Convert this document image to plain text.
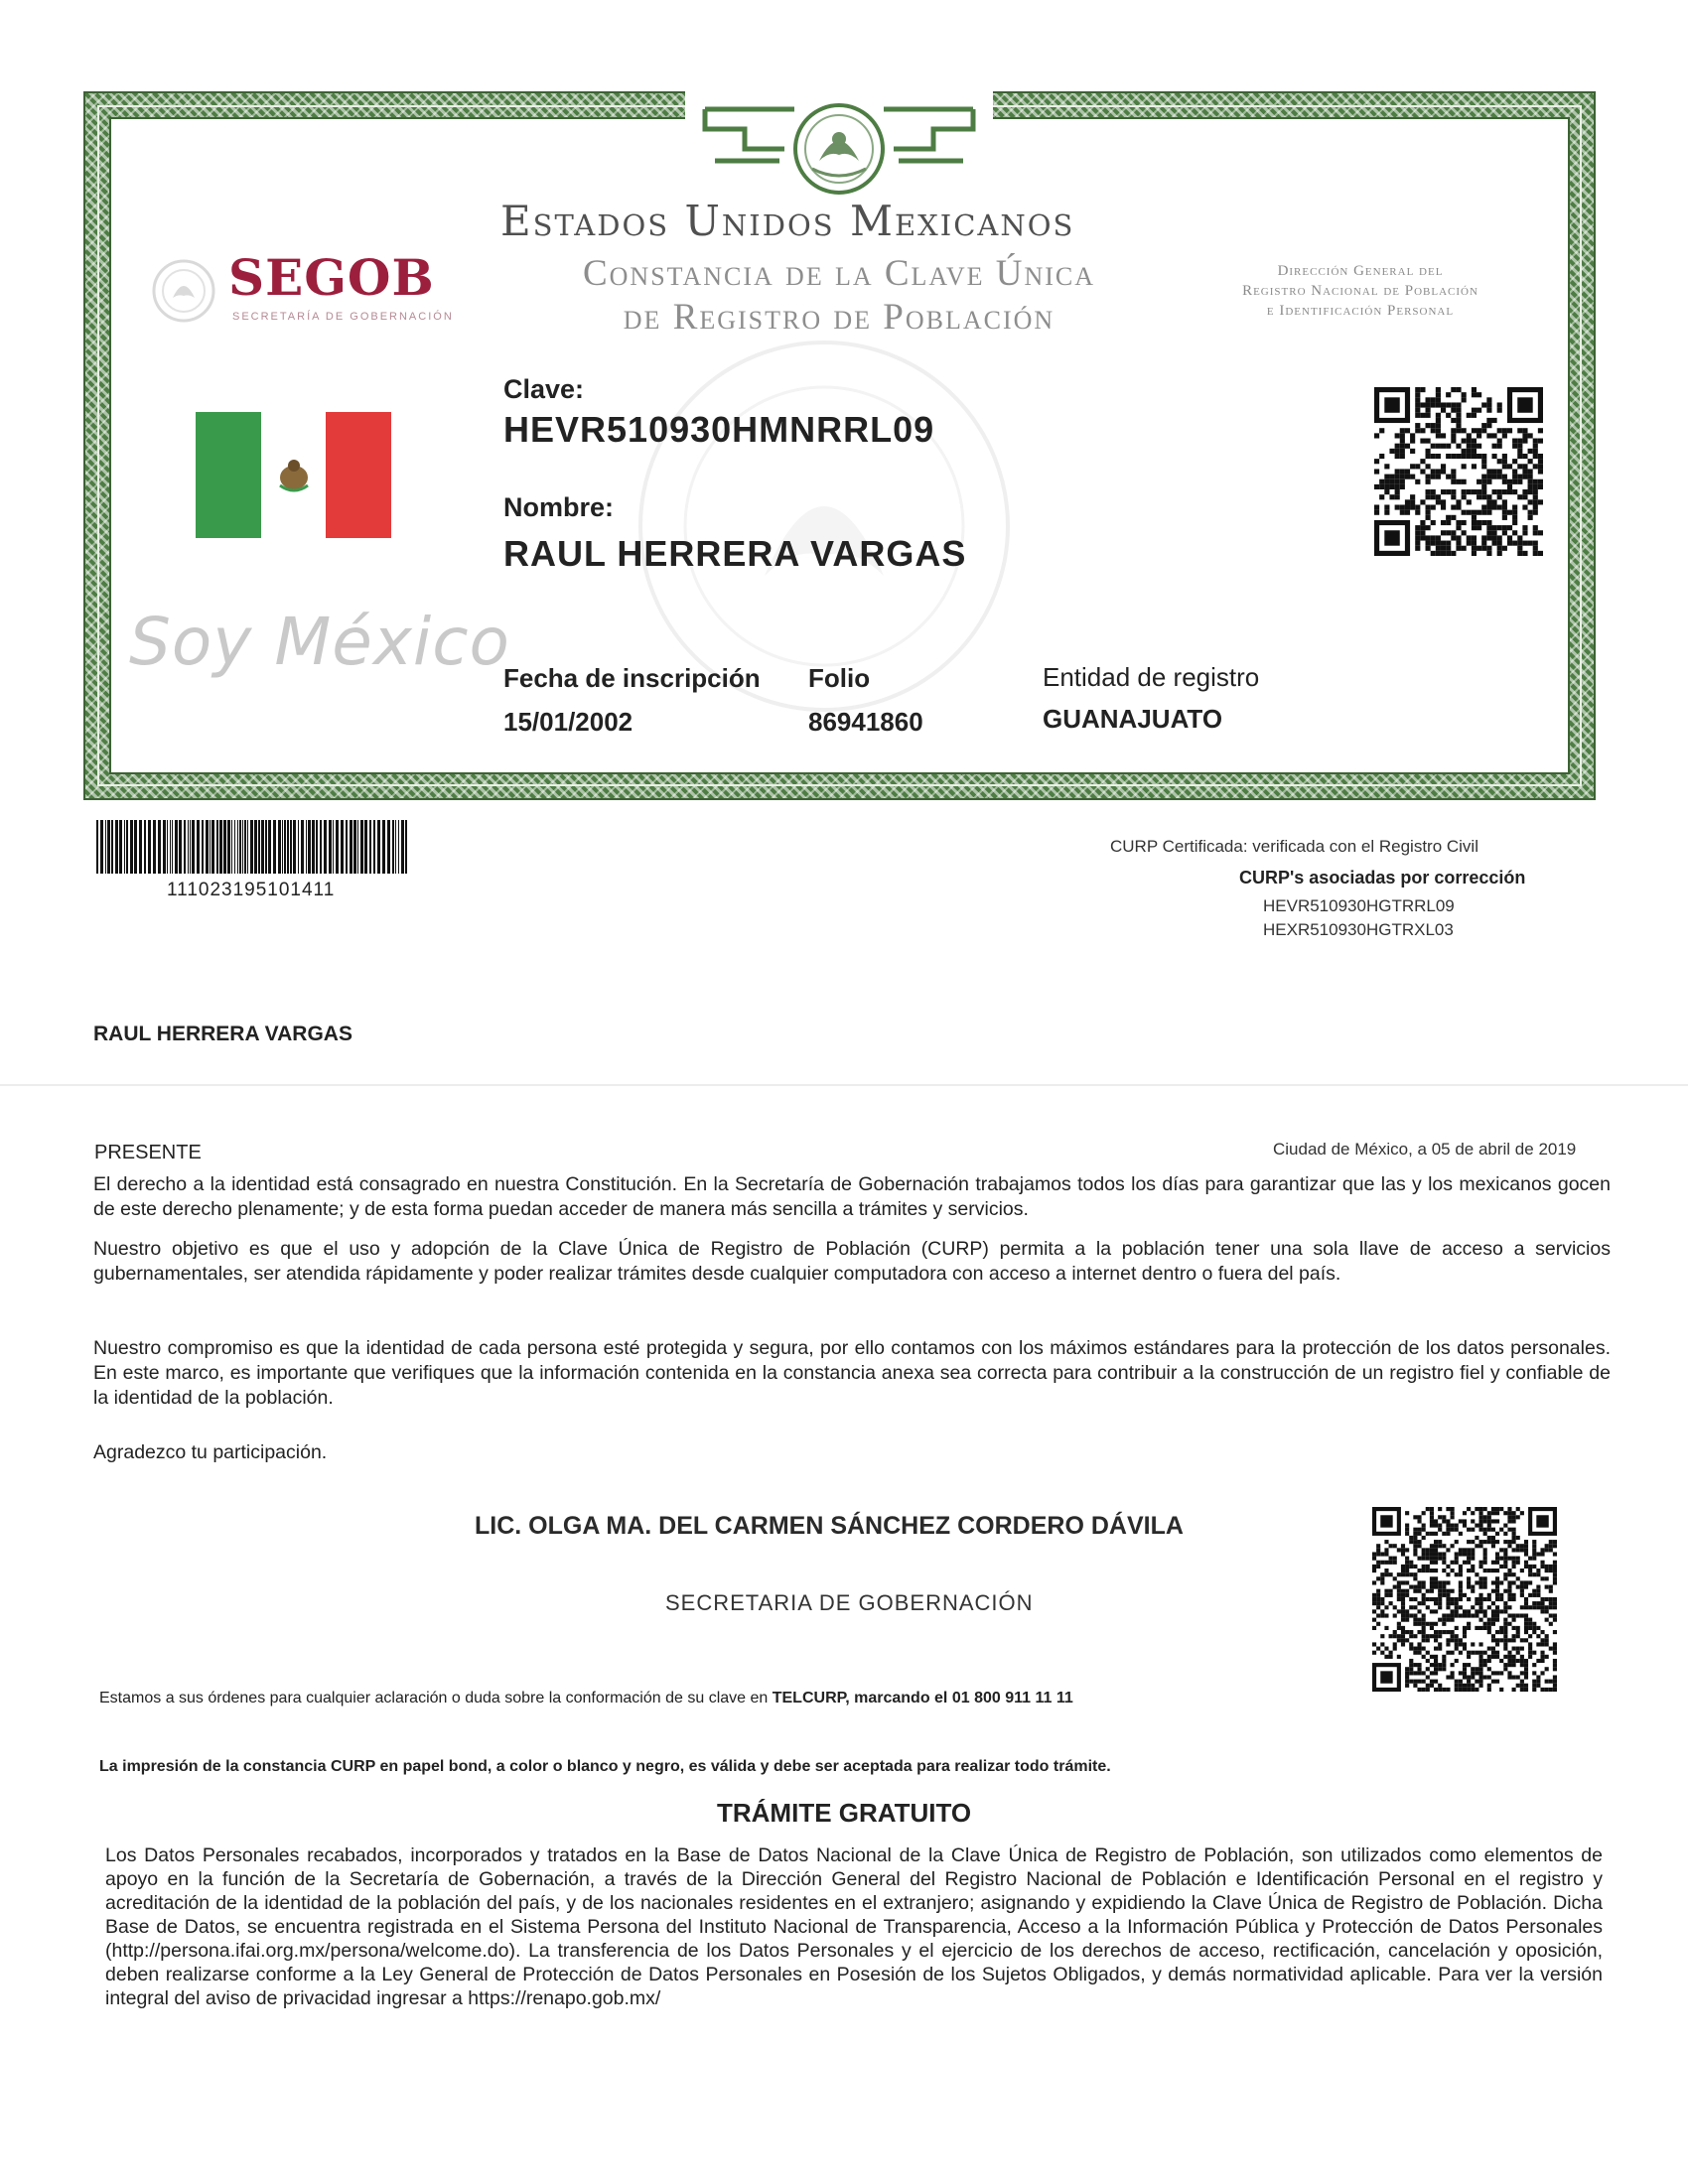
SEGOB
SECRETARÍA DE GOBERNACIÓN
Estados Unidos Mexicanos
Constancia de la Clave Única
de Registro de Población
Dirección General del
Registro Nacional de Población
e Identificación Personal
Soy México
Clave:
HEVR510930HMNRRL09
Nombre:
RAUL HERRERA VARGAS
Fecha de inscripción
15/01/2002
Folio
86941860
Entidad de registro
GUANAJUATO
111023195101411
CURP Certificada: verificada con el Registro Civil
CURP's asociadas por corrección
HEVR510930HGTRRL09
HEXR510930HGTRXL03
RAUL HERRERA VARGAS
PRESENTE	Ciudad de México, a 05 de abril de 2019
El derecho a la identidad está consagrado en nuestra Constitución. En la Secretaría de Gobernación trabajamos todos los días para garantizar que las y los mexicanos gocen de este derecho plenamente; y de esta forma puedan acceder de manera más sencilla a trámites y servicios.
Nuestro objetivo es que el uso y adopción de la Clave Única de Registro de Población (CURP) permita a la población tener una sola llave de acceso a servicios gubernamentales, ser atendida rápidamente y poder realizar trámites desde cualquier computadora con acceso a internet dentro o fuera del país.
Nuestro compromiso es que la identidad de cada persona esté protegida y segura, por ello contamos con los máximos estándares para la protección de los datos personales. En este marco, es importante que verifiques que la información contenida en la constancia anexa sea correcta para contribuir a la construcción de un registro fiel y confiable de la identidad de la población.
Agradezco tu participación.
LIC. OLGA MA. DEL CARMEN SÁNCHEZ CORDERO DÁVILA
SECRETARIA DE GOBERNACIÓN
Estamos a sus órdenes para cualquier aclaración o duda sobre la conformación de su clave en TELCURP, marcando el 01 800 911 11 11
La impresión de la constancia CURP en papel bond, a color o blanco y negro, es válida y debe ser aceptada para realizar todo trámite.
TRÁMITE GRATUITO
Los Datos Personales recabados, incorporados y tratados en la Base de Datos Nacional de la Clave Única de Registro de Población, son utilizados como elementos de apoyo en la función de la Secretaría de Gobernación, a través de la Dirección General del Registro Nacional de Población e Identificación Personal en el registro y acreditación de la identidad de la población del país, y de los nacionales residentes en el extranjero; asignando y expidiendo la Clave Única de Registro de Población. Dicha Base de Datos, se encuentra registrada en el Sistema Persona del Instituto Nacional de Transparencia, Acceso a la Información Pública y Protección de Datos Personales (http://persona.ifai.org.mx/persona/welcome.do). La transferencia de los Datos Personales y el ejercicio de los derechos de acceso, rectificación, cancelación y oposición, deben realizarse conforme a la Ley General de Protección de Datos Personales en Posesión de los Sujetos Obligados, y demás normatividad aplicable. Para ver la versión integral del aviso de privacidad ingresar a https://renapo.gob.mx/
